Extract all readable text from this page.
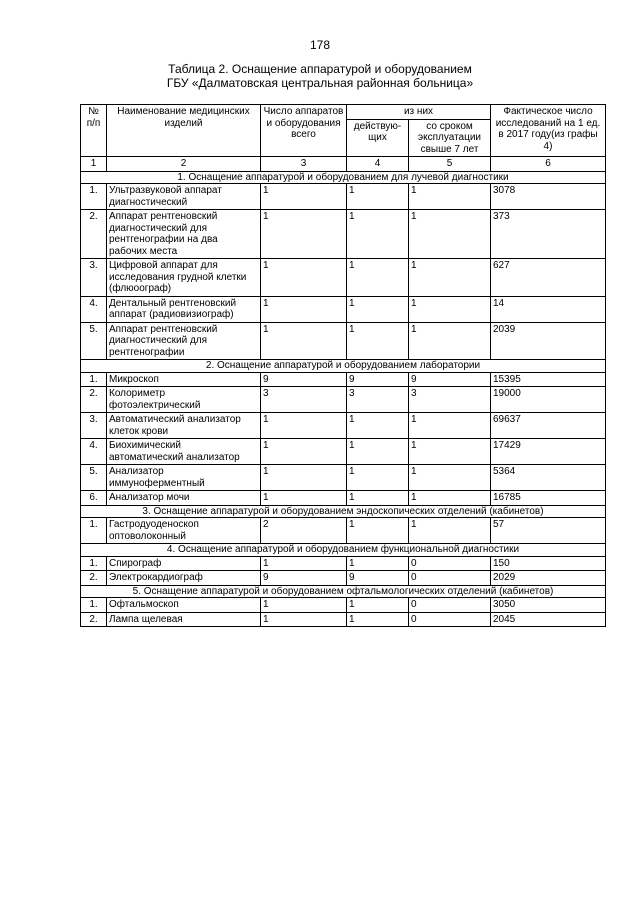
178
Таблица 2. Оснащение аппаратурой и оборудованием
ГБУ «Далматовская центральная районная больница»
№ п/п	Наименование медицинских изделий	Число аппаратов и оборудования всего	из них		Фактическое число исследований на 1 ед. в 2017 году(из графы 4)
			действую-щих	со сроком эксплуатации свыше 7 лет	
1	2	3	4	5	6
1. Оснащение аппаратурой и оборудованием для лучевой диагностики					
1.	Ультразвуковой аппарат диагностический	1	1	1	3078
2.	Аппарат рентгеновский диагностический для рентгенографии на два рабочих места	1	1	1	373
3.	Цифровой аппарат для исследования грудной клетки (флюоограф)	1	1	1	627
4.	Дентальный рентгеновский аппарат (радиовизиограф)	1	1	1	14
5.	Аппарат рентгеновский диагностический для рентгенографии	1	1	1	2039
2. Оснащение аппаратурой и оборудованием лаборатории					
1.	Микроскоп	9	9	9	15395
2.	Колориметр фотоэлектрический	3	3	3	19000
3.	Автоматический анализатор клеток крови	1	1	1	69637
4.	Биохимический автоматический анализатор	1	1	1	17429
5.	Анализатор иммуноферментный	1	1	1	5364
6.	Анализатор мочи	1	1	1	16785
3. Оснащение аппаратурой и оборудованием эндоскопических отделений (кабинетов)					
1.	Гастродуоденоскоп оптоволоконный	2	1	1	57
4. Оснащение аппаратурой и оборудованием функциональной диагностики					
1.	Спирограф	1	1	0	150
2.	Электрокардиограф	9	9	0	2029
5. Оснащение аппаратурой и оборудованием офтальмологических отделений (кабинетов)					
1.	Офтальмоскоп	1	1	0	3050
2.	Лампа щелевая	1	1	0	2045
